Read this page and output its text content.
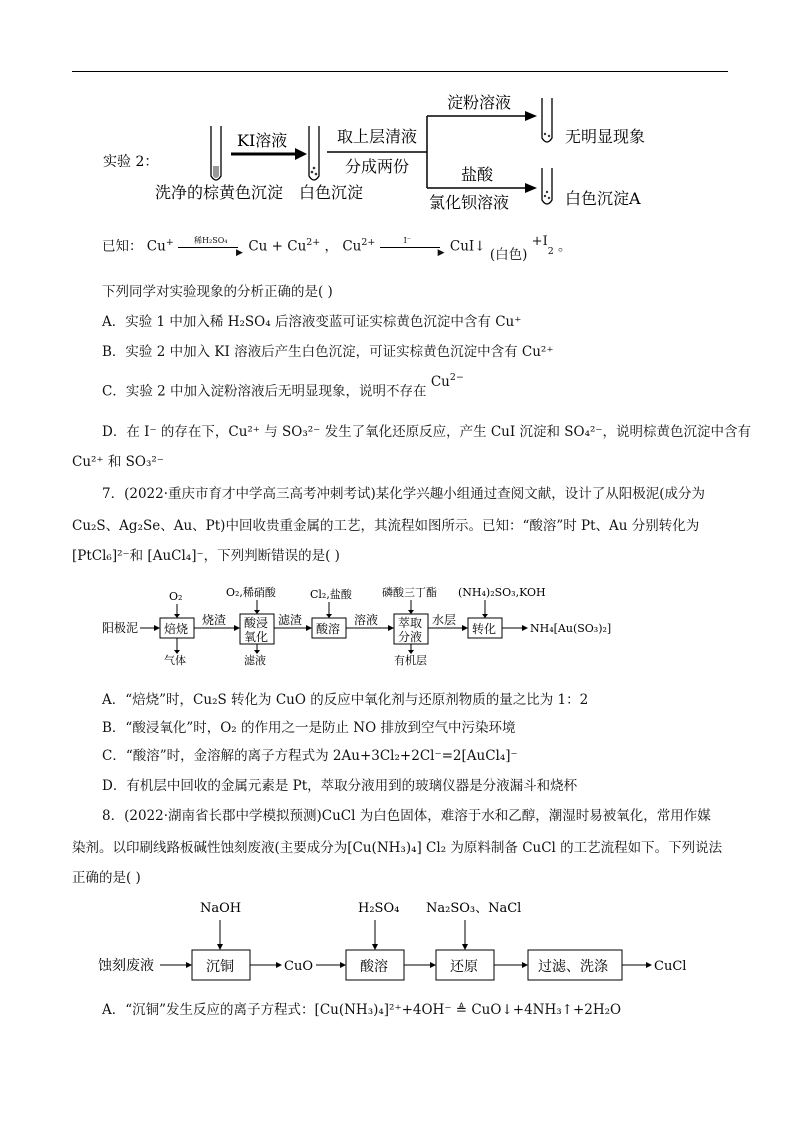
实验 2：
KI溶液	取上层清液
分成两份
淀粉溶液
盐酸
氯化钡溶液
无明显现象
白色沉淀A
洗净的棕黄色沉淀 白色沉淀
已知： Cu+	稀H₂SO₄
▶ $Cu + Cu^{2+}$ ， $Cu^{2+}$	I⁻
▶ CuI↓ (白色) $^{+I}_2$ 。
下列同学对实验现象的分析正确的是( )
A．实验 1 中加入稀 H₂SO₄ 后溶液变蓝可证实棕黄色沉淀中含有 Cu⁺
B．实验 2 中加入 KI 溶液后产生白色沉淀，可证实棕黄色沉淀中含有 Cu²⁺
C．实验 2 中加入淀粉溶液后无明显现象，说明不存在 $Cu^{2-}$
D．在 I⁻ 的存在下，Cu²⁺ 与 SO₃²⁻ 发生了氧化还原反应，产生 CuI 沉淀和 SO₄²⁻，说明棕黄色沉淀中含有
Cu²⁺ 和 SO₃²⁻
7．(2022·重庆市育才中学高三高考冲刺考试)某化学兴趣小组通过查阅文献，设计了从阳极泥(成分为
Cu₂S、Ag₂Se、Au、Pt)中回收贵重金属的工艺，其流程如图所示。已知：“酸溶”时 Pt、Au 分别转化为
[PtCl₆]²⁻和 [AuCl₄]⁻，下列判断错误的是( )
阳极泥
O₂
焙烧
气体
烧渣
O₂,稀硝酸
酸浸
氧化
滤液
滤渣
Cl₂,盐酸
酸溶
溶液
磷酸三丁酯
萃取
分液
有机层
水层
(NH₄)₂SO₃,KOH
转化	NH₄[Au(SO₃)₂]
A．“焙烧”时，Cu₂S 转化为 CuO 的反应中氧化剂与还原剂物质的量之比为 1：2
B．“酸浸氧化”时，O₂ 的作用之一是防止 NO 排放到空气中污染环境
C．“酸溶”时，金溶解的离子方程式为 2Au+3Cl₂+2Cl⁻=2[AuCl₄]⁻
D．有机层中回收的金属元素是 Pt，萃取分液用到的玻璃仪器是分液漏斗和烧杯
8．(2022·湖南省长郡中学模拟预测)CuCl 为白色固体，难溶于水和乙醇，潮湿时易被氧化，常用作媒
染剂。以印刷线路板碱性蚀刻废液(主要成分为[Cu(NH₃)₄] Cl₂ 为原料制备 CuCl 的工艺流程如下。下列说法
正确的是( )
蚀刻废液
NaOH
沉铜	CuO
H₂SO₄
酸溶
Na₂SO₃、NaCl
还原	过滤、洗涤	CuCl
A．“沉铜”发生反应的离子方程式：[Cu(NH₃)₄]²⁺+4OH⁻ ≜ CuO↓+4NH₃↑+2H₂O
